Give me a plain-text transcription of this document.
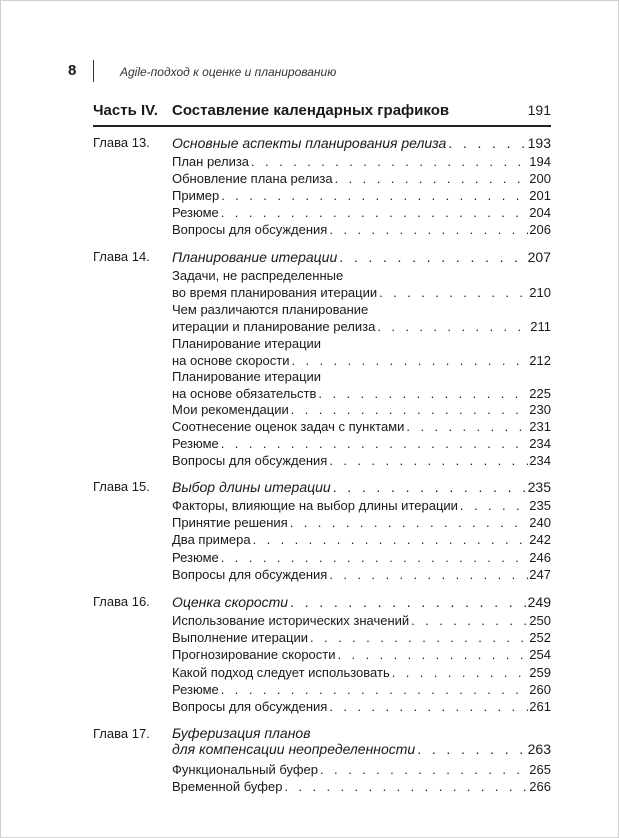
8	Agile-подход к оценке и планированию
Часть IV. Составление календарных графиков	191
Глава 13. Основные аспекты планирования релиза . . .	193
План релиза . . .	194
Обновление плана релиза . . .	200
Пример . . .	201
Резюме . . .	204
Вопросы для обсуждения . . .	206
Глава 14. Планирование итерации . . .	207
Задачи, не распределенные
во время планирования итерации . . .	210
Чем различаются планирование
итерации и планирование релиза . . .	211
Планирование итерации
на основе скорости . . .	212
Планирование итерации
на основе обязательств . . .	225
Мои рекомендации . . .	230
Соотнесение оценок задач с пунктами . . .	231
Резюме . . .	234
Вопросы для обсуждения . . .	234
Глава 15. Выбор длины итерации . . .	235
Факторы, влияющие на выбор длины итерации . . .	235
Принятие решения . . .	240
Два примера . . .	242
Резюме . . .	246
Вопросы для обсуждения . . .	247
Глава 16. Оценка скорости . . .	249
Использование исторических значений . . .	250
Выполнение итерации . . .	252
Прогнозирование скорости . . .	254
Какой подход следует использовать . . .	259
Резюме . . .	260
Вопросы для обсуждения . . .	261
Глава 17. Буферизация планов
для компенсации неопределенности . . .	263
Функциональный буфер . . .	265
Временной буфер . . .	266
